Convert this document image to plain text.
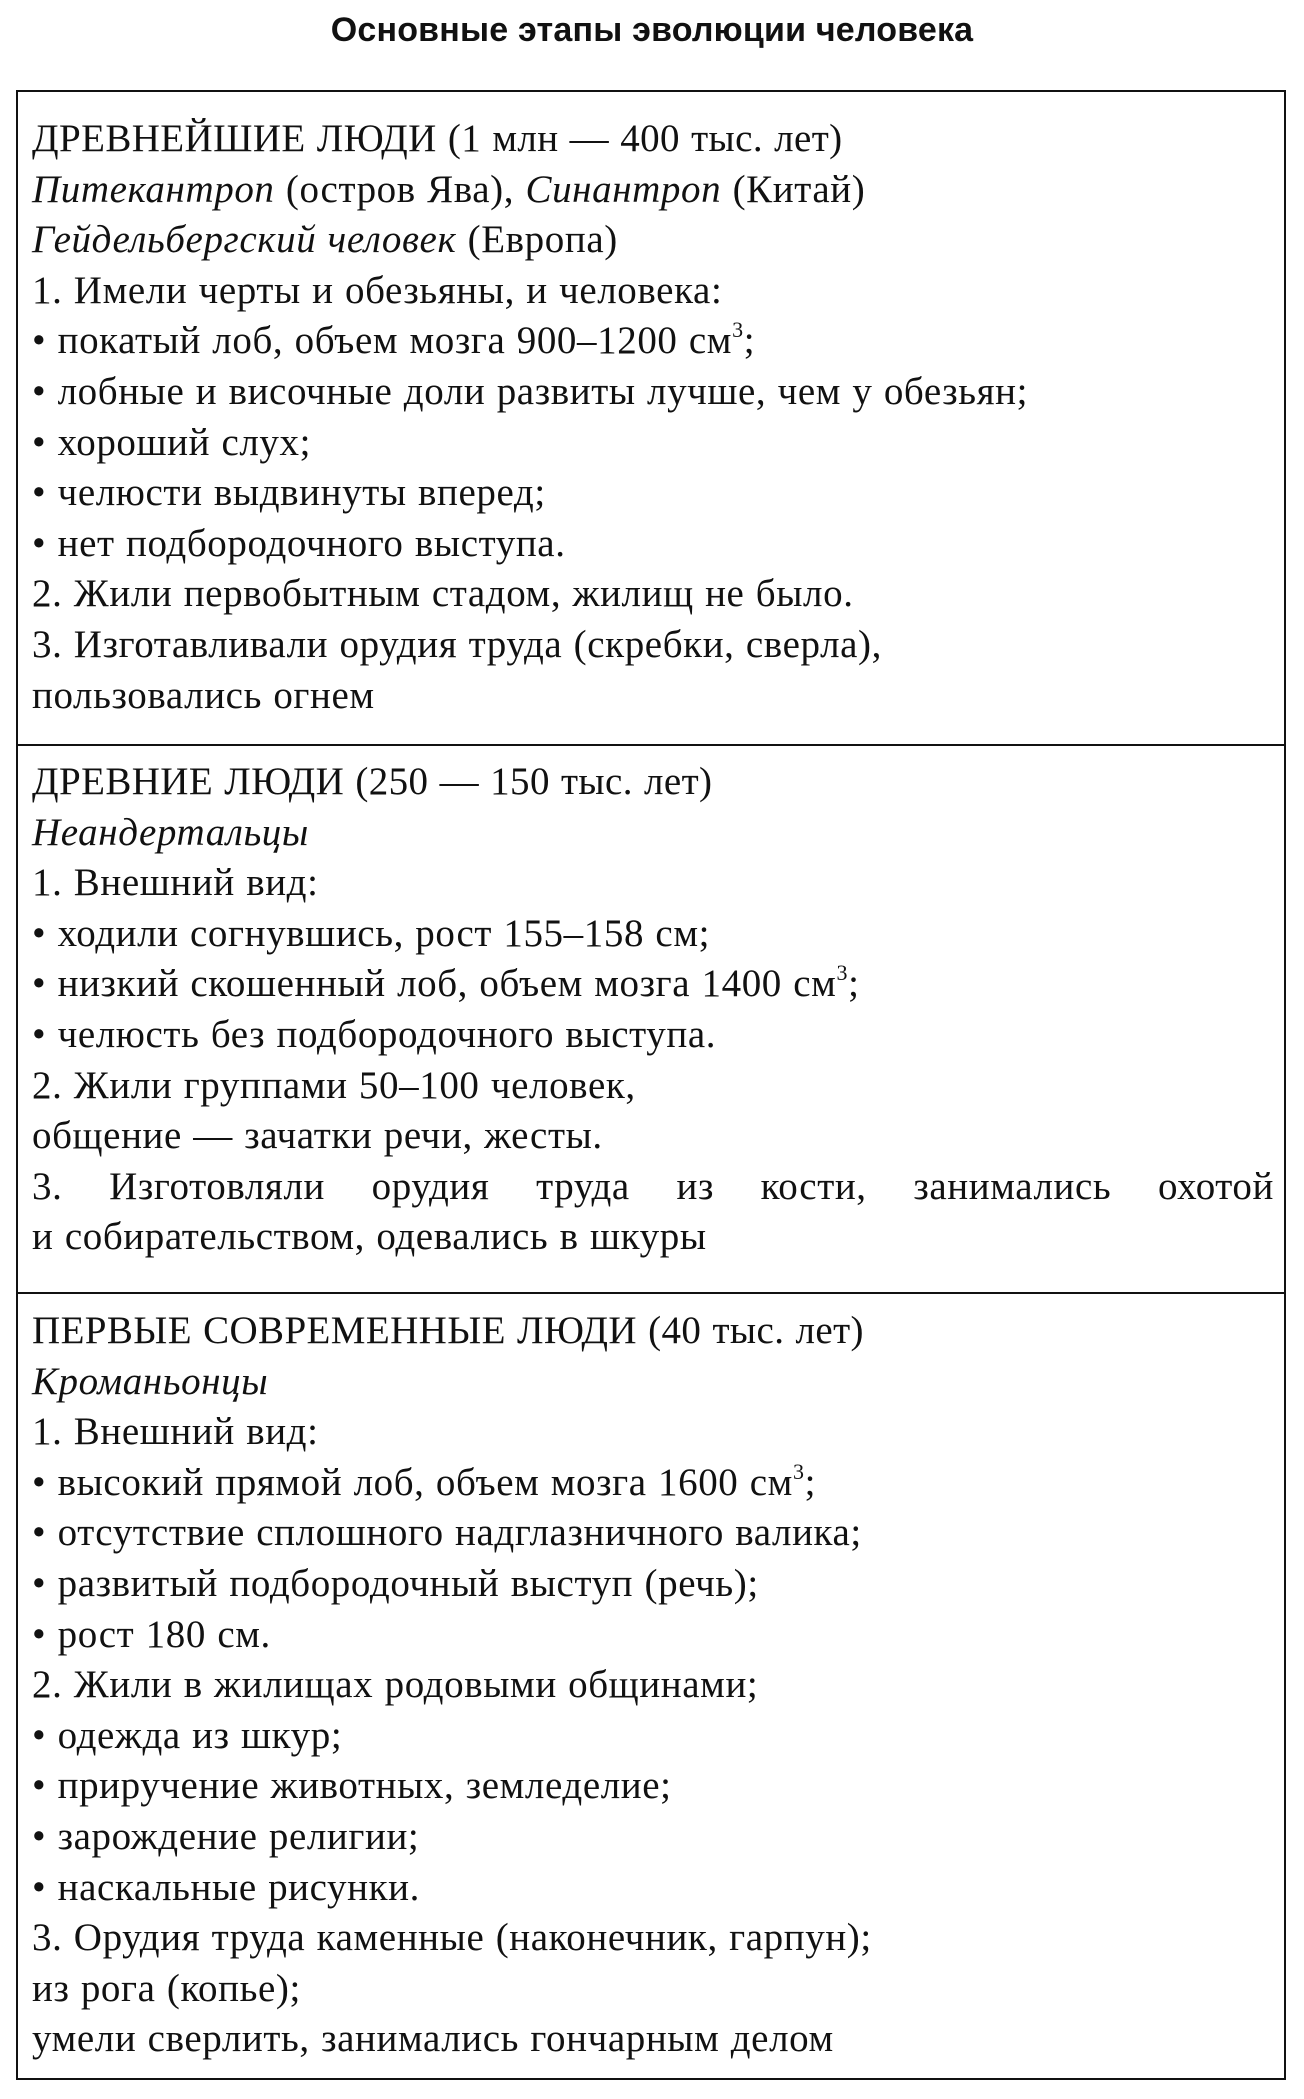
Основные этапы эволюции человека
ДРЕВНЕЙШИЕ ЛЮДИ (1 млн — 400 тыс. лет)
Питекантроп (остров Ява), Синантроп (Китай)
Гейдельбергский человек (Европа)
1. Имели черты и обезьяны, и человека:
• покатый лоб, объем мозга 900–1200 $см^3$;
• лобные и височные доли развиты лучше, чем у обезьян;
• хороший слух;
• челюсти выдвинуты вперед;
• нет подбородочного выступа.
2. Жили первобытным стадом, жилищ не было.
3. Изготавливали орудия труда (скребки, сверла),
пользовались огнем
ДРЕВНИЕ ЛЮДИ (250 — 150 тыс. лет)
Неандертальцы
1. Внешний вид:
• ходили согнувшись, рост 155–158 см;
• низкий скошенный лоб, объем мозга 1400 $см^3$;
• челюсть без подбородочного выступа.
2. Жили группами 50–100 человек,
общение — зачатки речи, жесты.
3. Изготовляли орудия труда из кости, занимались охотой
и собирательством, одевались в шкуры
ПЕРВЫЕ СОВРЕМЕННЫЕ ЛЮДИ (40 тыс. лет)
Кроманьонцы
1. Внешний вид:
• высокий прямой лоб, объем мозга 1600 $см^3$;
• отсутствие сплошного надглазничного валика;
• развитый подбородочный выступ (речь);
• рост 180 см.
2. Жили в жилищах родовыми общинами;
• одежда из шкур;
• приручение животных, земледелие;
• зарождение религии;
• наскальные рисунки.
3. Орудия труда каменные (наконечник, гарпун);
из рога (копье);
умели сверлить, занимались гончарным делом
